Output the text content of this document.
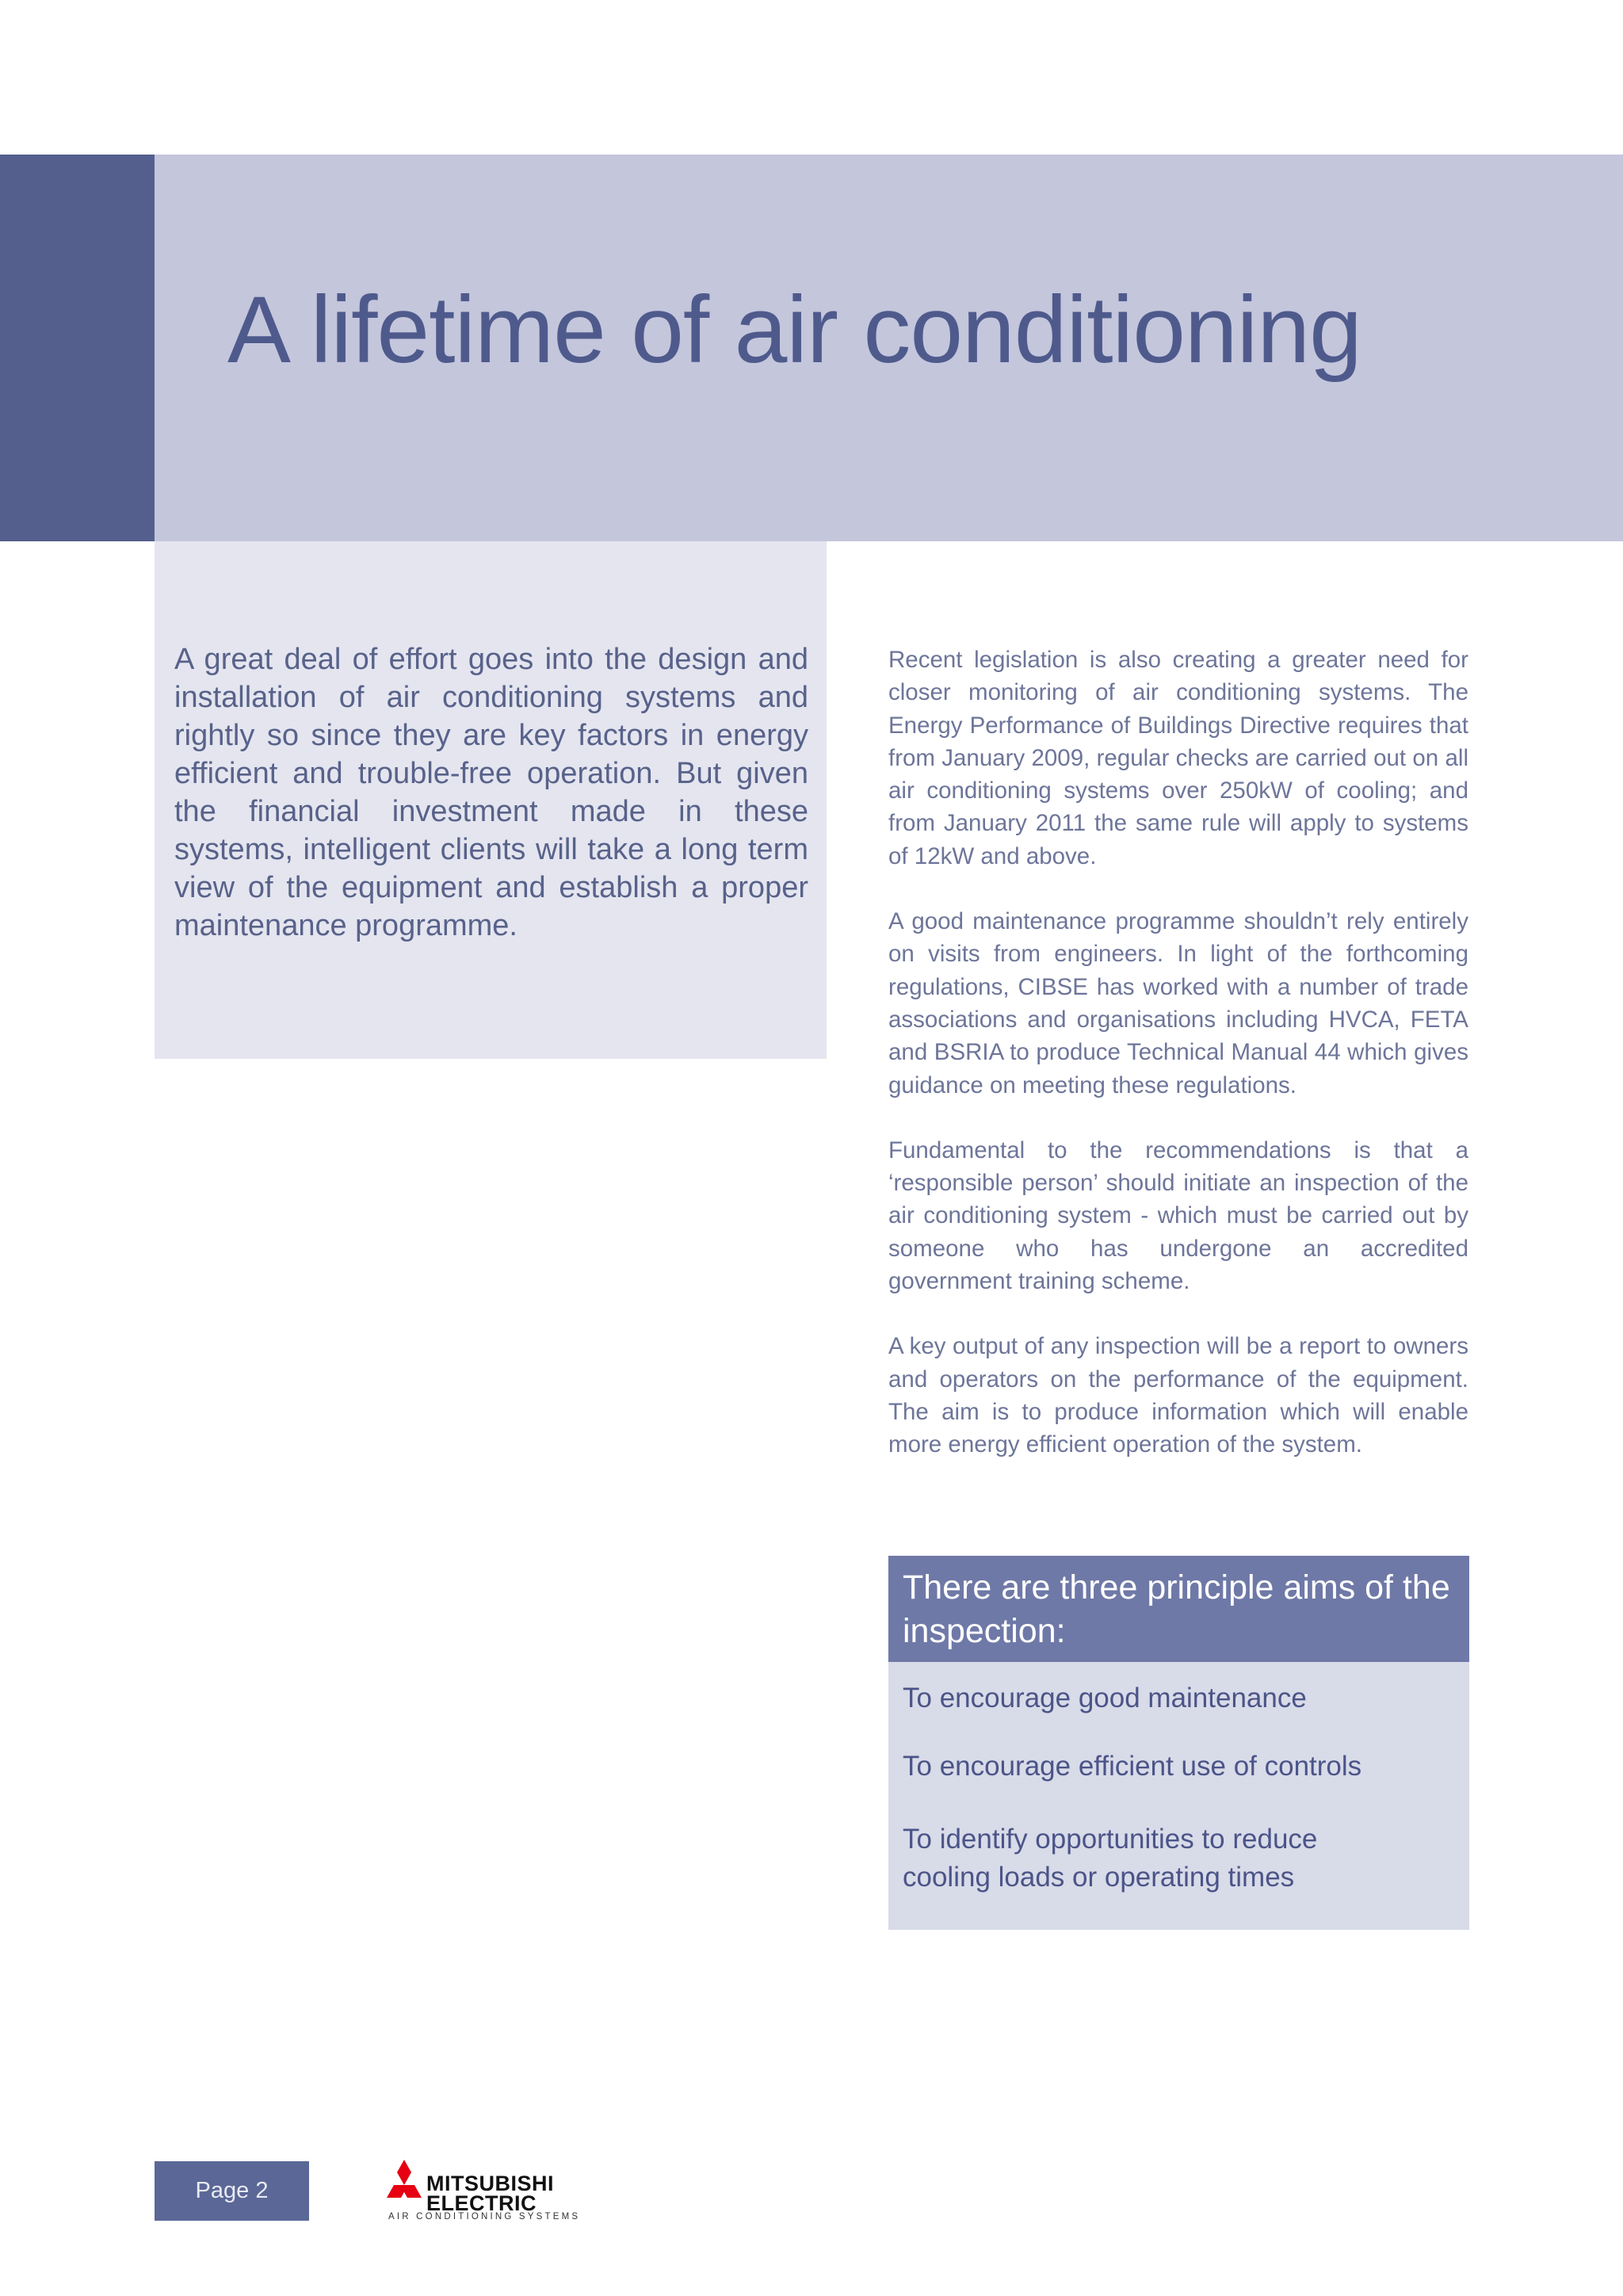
A lifetime of air conditioning

A great deal of effort goes into the design and installation of air conditioning systems and rightly so since they are key factors in energy efficient and trouble-free operation. But given the financial investment made in these systems, intelligent clients will take a long term view of the equipment and establish a proper maintenance programme.

Recent legislation is also creating a greater need for closer monitoring of air conditioning systems. The Energy Performance of Buildings Directive requires that from January 2009, regular checks are carried out on all air conditioning systems over 250kW of cooling; and from January 2011 the same rule will apply to systems of 12kW and above.

A good maintenance programme shouldn’t rely entirely on visits from engineers. In light of the forthcoming regulations, CIBSE has worked with a number of trade associations and organisations including HVCA, FETA and BSRIA to produce Technical Manual 44 which gives guidance on meeting these regulations.

Fundamental to the recommendations is that a ‘responsible person’ should initiate an inspection of the air conditioning system - which must be carried out by someone who has undergone an accredited government training scheme.

A key output of any inspection will be a report to owners and operators on the performance of the equipment. The aim is to produce information which will enable more energy efficient operation of the system.

There are three principle aims of the inspection:
To encourage good maintenance
To encourage efficient use of controls
To identify opportunities to reduce cooling loads or operating times
Page 2	MITSUBISHI
ELECTRIC
AIR CONDITIONING SYSTEMS
